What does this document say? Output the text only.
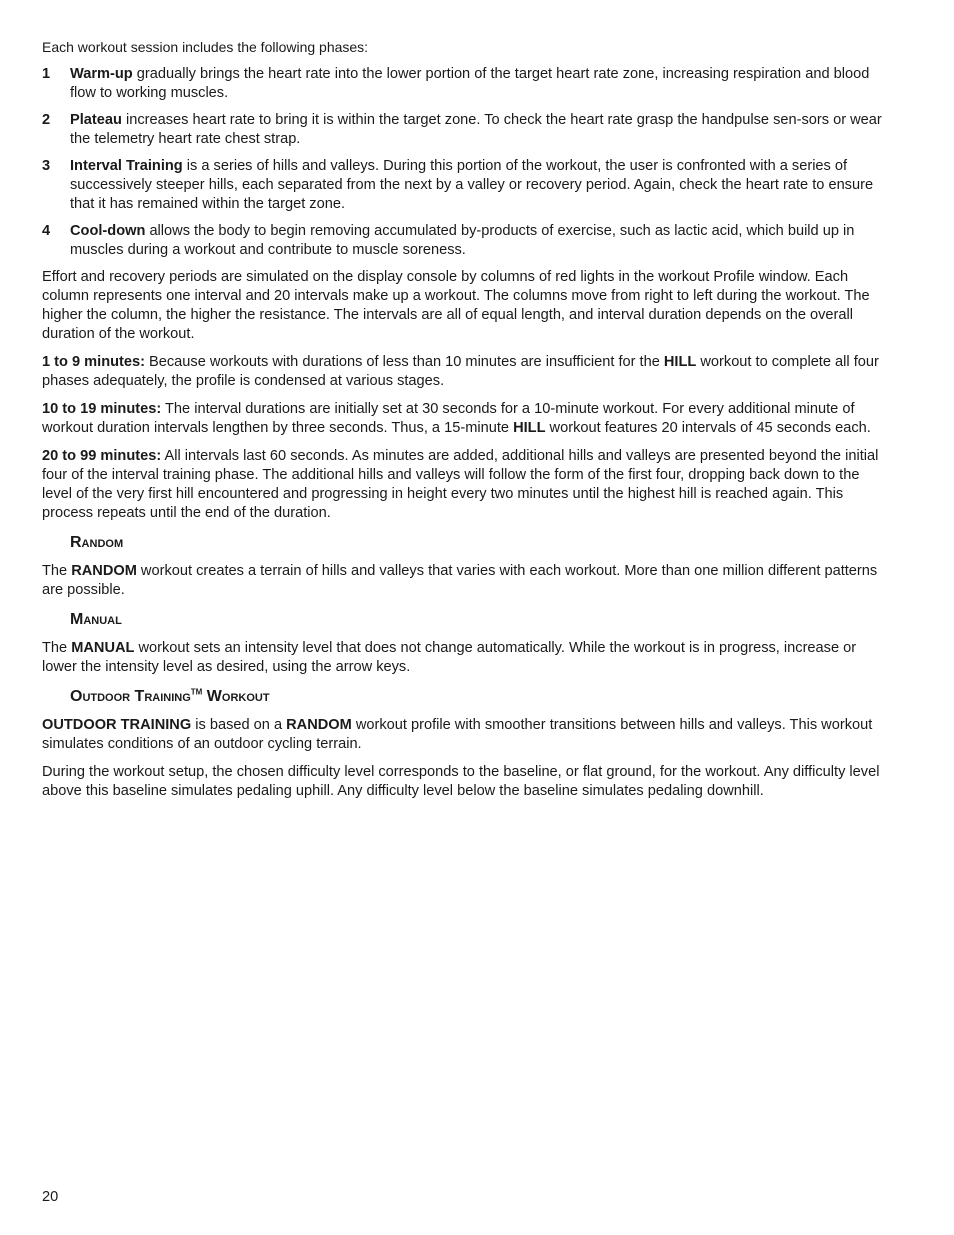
Each workout session includes the following phases:

1 Warm-up gradually brings the heart rate into the lower portion of the target heart rate zone, increasing respiration and blood flow to working muscles.
2 Plateau increases heart rate to bring it is within the target zone. To check the heart rate grasp the handpulse sen-sors or wear the telemetry heart rate chest strap.
3 Interval Training is a series of hills and valleys. During this portion of the workout, the user is confronted with a series of successively steeper hills, each separated from the next by a valley or recovery period. Again, check the heart rate to ensure that it has remained within the target zone.
4 Cool-down allows the body to begin removing accumulated by-products of exercise, such as lactic acid, which build up in muscles during a workout and contribute to muscle soreness.

Effort and recovery periods are simulated on the display console by columns of red lights in the workout Profile window. Each column represents one interval and 20 intervals make up a workout. The columns move from right to left during the workout. The higher the column, the higher the resistance. The intervals are all of equal length, and interval duration depends on the overall duration of the workout.

1 to 9 minutes: Because workouts with durations of less than 10 minutes are insufficient for the HILL workout to complete all four phases adequately, the profile is condensed at various stages.

10 to 19 minutes: The interval durations are initially set at 30 seconds for a 10-minute workout. For every additional minute of workout duration intervals lengthen by three seconds. Thus, a 15-minute HILL workout features 20 intervals of 45 seconds each.

20 to 99 minutes: All intervals last 60 seconds. As minutes are added, additional hills and valleys are presented beyond the initial four of the interval training phase. The additional hills and valleys will follow the form of the first four, dropping back down to the level of the very first hill encountered and progressing in height every two minutes until the highest hill is reached again. This process repeats until the end of the duration.

Random

The RANDOM workout creates a terrain of hills and valleys that varies with each workout. More than one million different patterns are possible.

Manual

The MANUAL workout sets an intensity level that does not change automatically. While the workout is in progress, increase or lower the intensity level as desired, using the arrow keys.

Outdoor Training™ Workout

OUTDOOR TRAINING is based on a RANDOM workout profile with smoother transitions between hills and valleys. This workout simulates conditions of an outdoor cycling terrain.

During the workout setup, the chosen difficulty level corresponds to the baseline, or flat ground, for the workout. Any difficulty level above this baseline simulates pedaling uphill. Any difficulty level below the baseline simulates pedaling downhill.

20
